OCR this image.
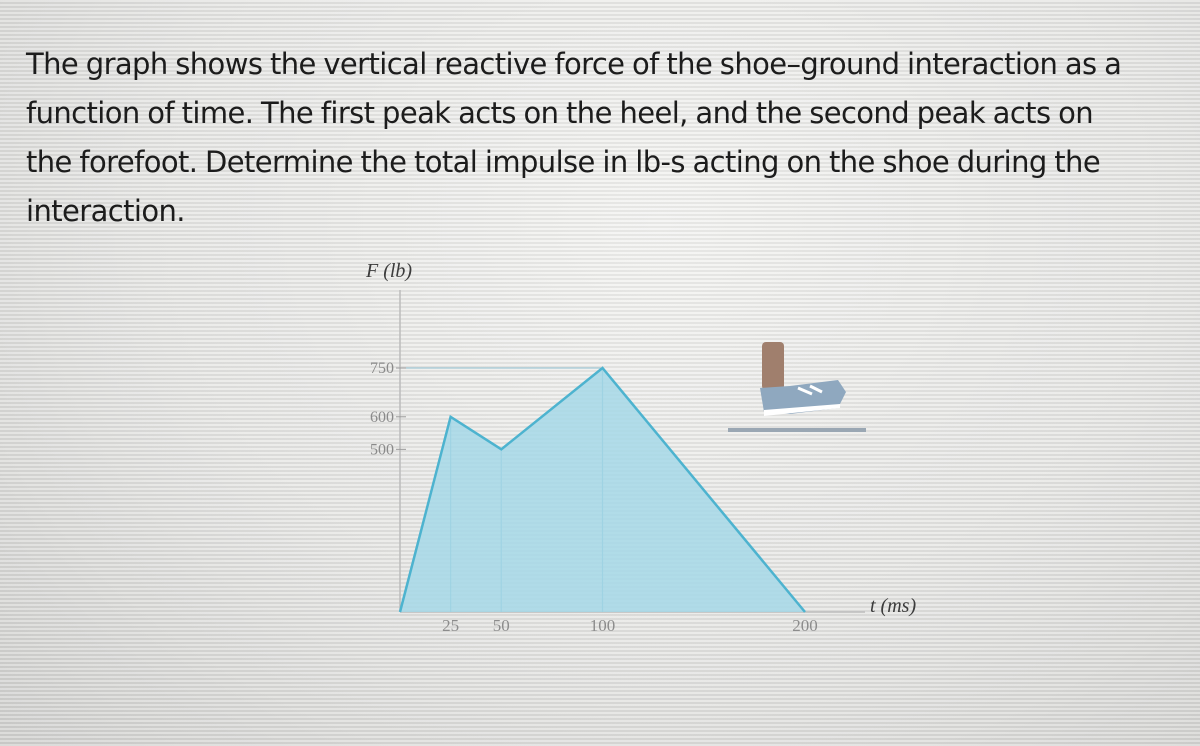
The graph shows the vertical reactive force of the shoe–ground interaction as a
function of time. The first peak acts on the heel, and the second peak acts on
the forefoot. Determine the total impulse in lb-s acting on the shoe during the
interaction.
F (lb)
t (ms)
750
600
500
25 50	100	200
